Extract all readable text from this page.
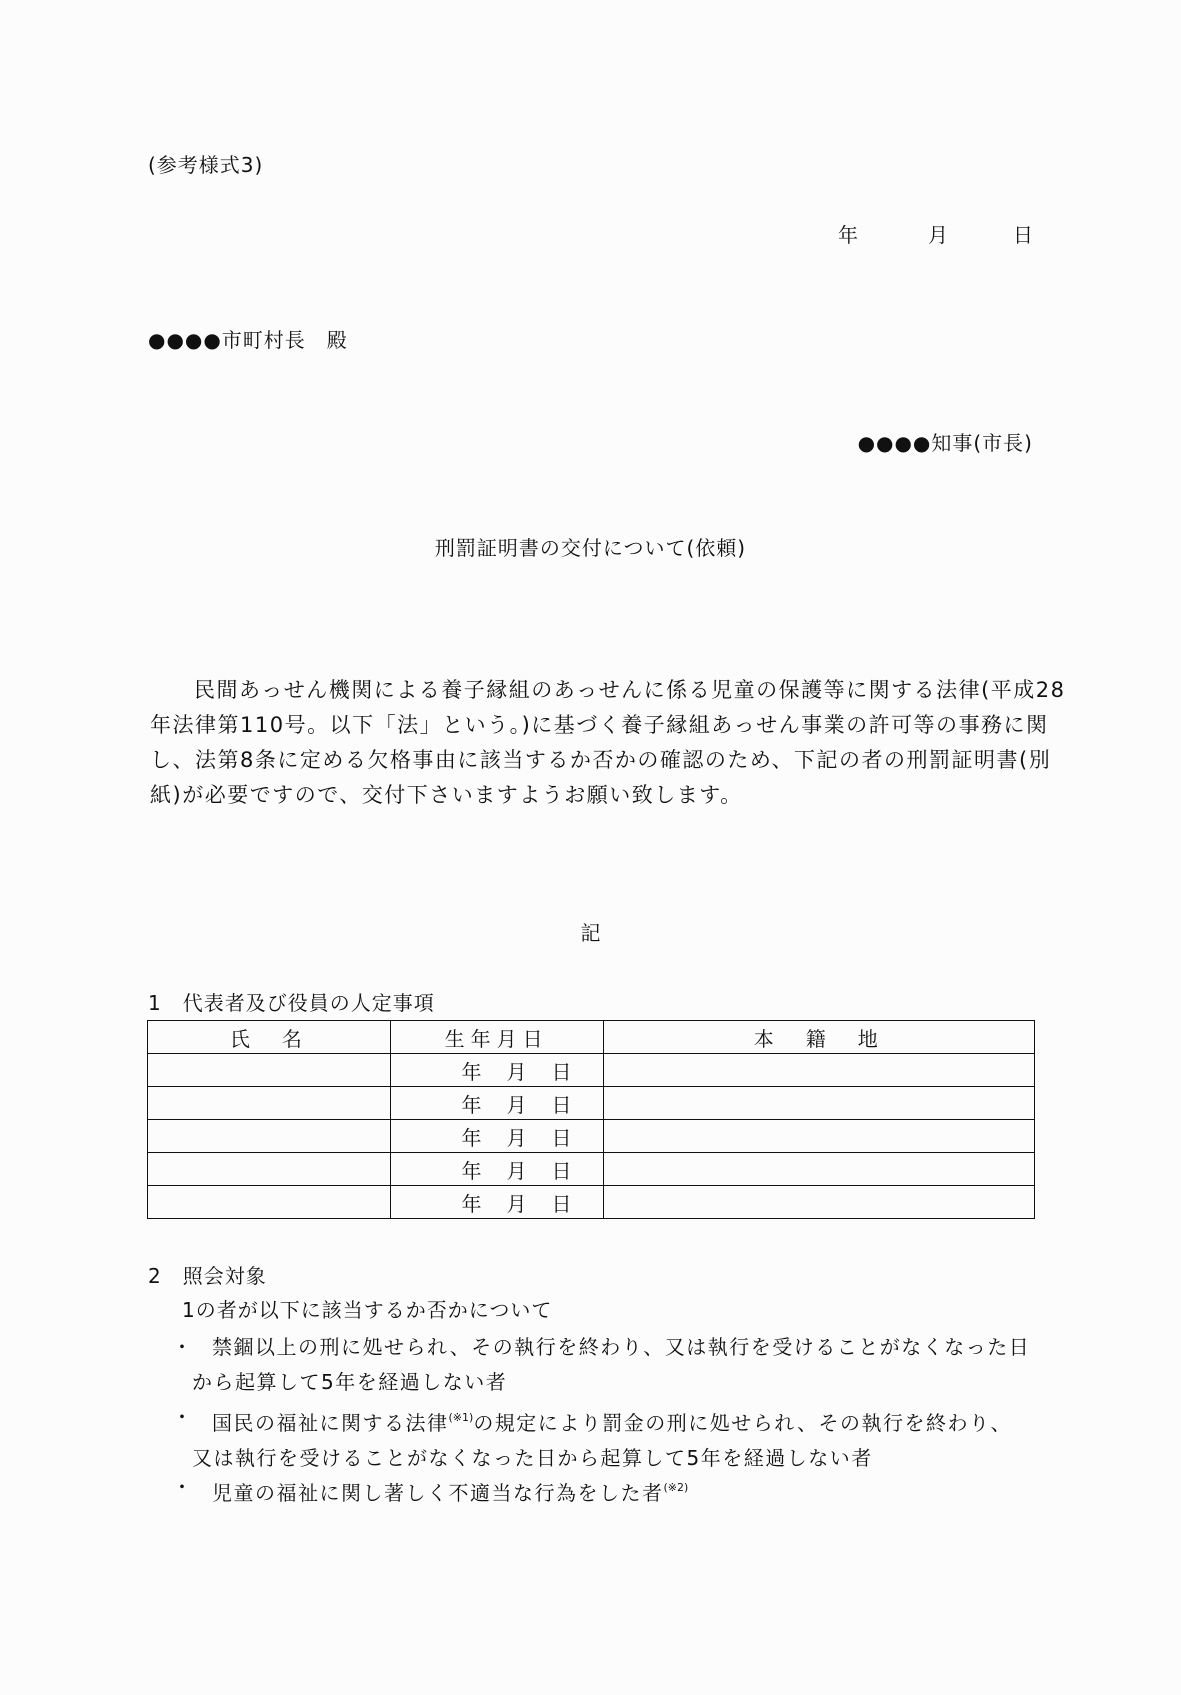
(参考様式3)
年	月	日
●●●●市町村長　殿
●●●●知事(市長)
刑罰証明書の交付について(依頼)
民間あっせん機関による養子縁組のあっせんに係る児童の保護等に関する法律(平成28
年法律第110号。以下「法」という。)に基づく養子縁組あっせん事業の許可等の事務に関
し、法第8条に定める欠格事由に該当するか否かの確認のため、下記の者の刑罰証明書(別
紙)が必要ですので、交付下さいますようお願い致します。
記
1　代表者及び役員の人定事項
氏　名	生年月日	本　籍　地
	年 月 日	
	年 月 日	
	年 月 日	
	年 月 日	
	年 月 日	
2　照会対象
1の者が以下に該当するか否かについて
・ 禁錮以上の刑に処せられ、その執行を終わり、又は執行を受けることがなくなった日
から起算して5年を経過しない者
・ 国民の福祉に関する法律$^{(※1)}$の規定により罰金の刑に処せられ、その執行を終わり、
又は執行を受けることがなくなった日から起算して5年を経過しない者
・ 児童の福祉に関し著しく不適当な行為をした者$^{(※2)}$
